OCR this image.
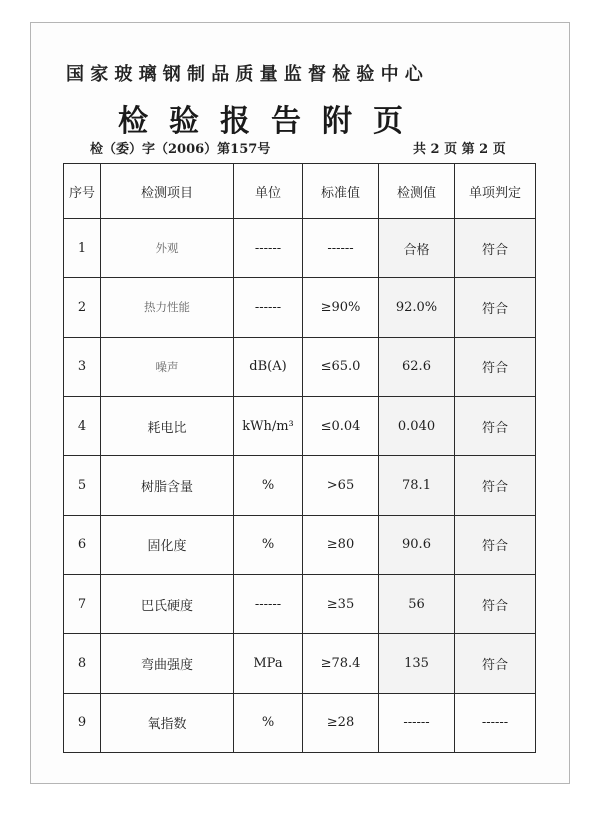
国家玻璃钢制品质量监督检验中心
检验报告附页
检（委）字（2006）第157号	共 2 页 第 2 页
序号	检测项目	单位	标准值	检测值	单项判定
1	外观	------	------	合格	符合
2	热力性能	------	≥90%	92.0%	符合
3	噪声	dB(A)	≤65.0	62.6	符合
4	耗电比	kWh/m³	≤0.04	0.040	符合
5	树脂含量	%	>65	78.1	符合
6	固化度	%	≥80	90.6	符合
7	巴氏硬度	------	≥35	56	符合
8	弯曲强度	MPa	≥78.4	135	符合
9	氧指数	%	≥28	------	------
